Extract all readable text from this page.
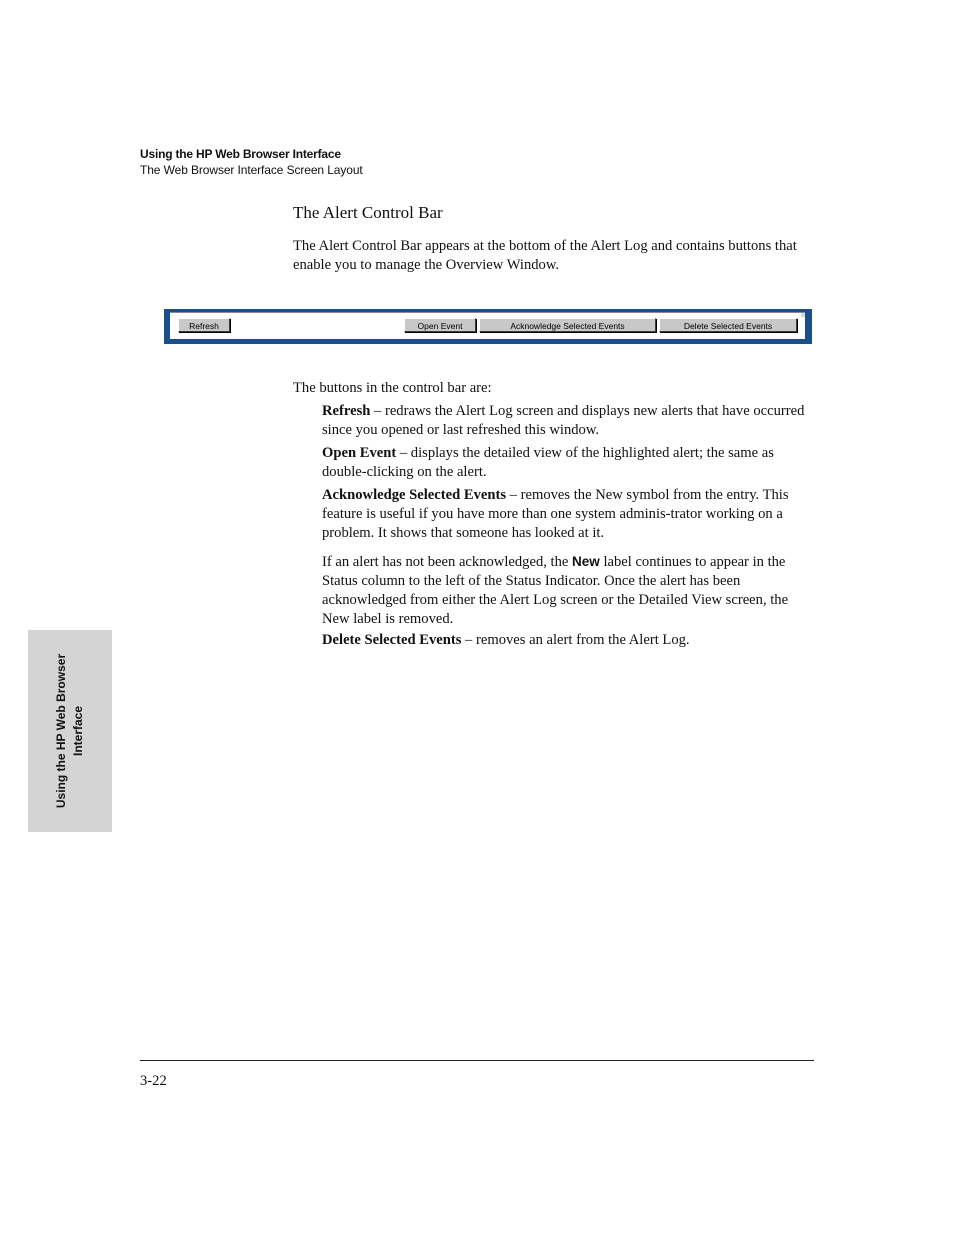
Using the HP Web Browser Interface
The Web Browser Interface Screen Layout
The Alert Control Bar
The Alert Control Bar appears at the bottom of the Alert Log and contains buttons that enable you to manage the Overview Window.
Refresh	Open Event	Acknowledge Selected Events	Delete Selected Events
The buttons in the control bar are:
Refresh – redraws the Alert Log screen and displays new alerts that have occurred since you opened or last refreshed this window.
Open Event – displays the detailed view of the highlighted alert; the same as double-clicking on the alert.
Acknowledge Selected Events – removes the New symbol from the entry. This feature is useful if you have more than one system adminis-trator working on a problem. It shows that someone has looked at it.
If an alert has not been acknowledged, the New label continues to appear in the Status column to the left of the Status Indicator. Once the alert has been acknowledged from either the Alert Log screen or the Detailed View screen, the New label is removed.
Delete Selected Events – removes an alert from the Alert Log.
Using the HP Web Browser Interface
3-22
